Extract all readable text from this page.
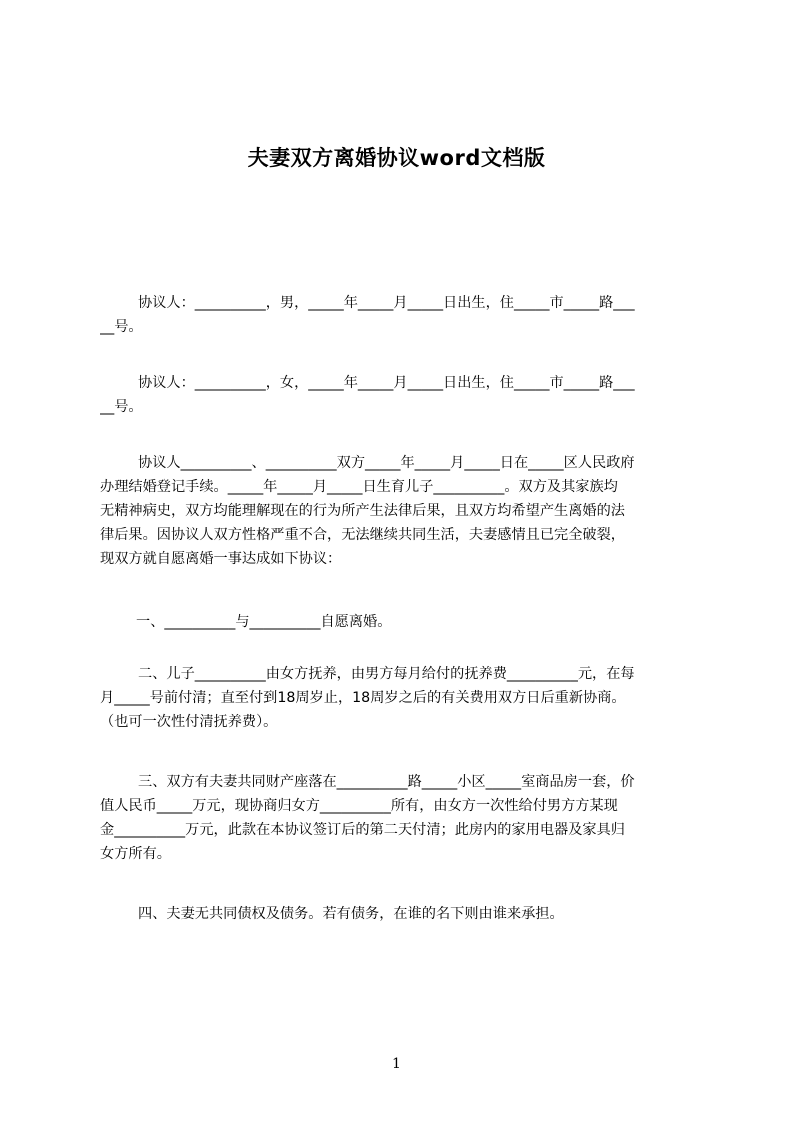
夫妻双方离婚协议word文档版
协议人：__________，男，_____年_____月_____日出生，住_____市_____路___
__号。
协议人：__________，女，_____年_____月_____日出生，住_____市_____路___
__号。
协议人__________、__________双方_____年_____月_____日在_____区人民政府
办理结婚登记手续。_____年_____月_____日生育儿子__________。双方及其家族均
无精神病史，双方均能理解现在的行为所产生法律后果，且双方均希望产生离婚的法
律后果。因协议人双方性格严重不合，无法继续共同生活，夫妻感情且已完全破裂，
现双方就自愿离婚一事达成如下协议：
一、__________与__________自愿离婚。
二、儿子__________由女方抚养，由男方每月给付的抚养费__________元，在每
月_____号前付清；直至付到18周岁止，18周岁之后的有关费用双方日后重新协商。
（也可一次性付清抚养费）。
三、双方有夫妻共同财产座落在__________路_____小区_____室商品房一套，价
值人民币_____万元，现协商归女方__________所有，由女方一次性给付男方方某现
金__________万元，此款在本协议签订后的第二天付清；此房内的家用电器及家具归
女方所有。
四、夫妻无共同债权及债务。若有债务，在谁的名下则由谁来承担。
1
